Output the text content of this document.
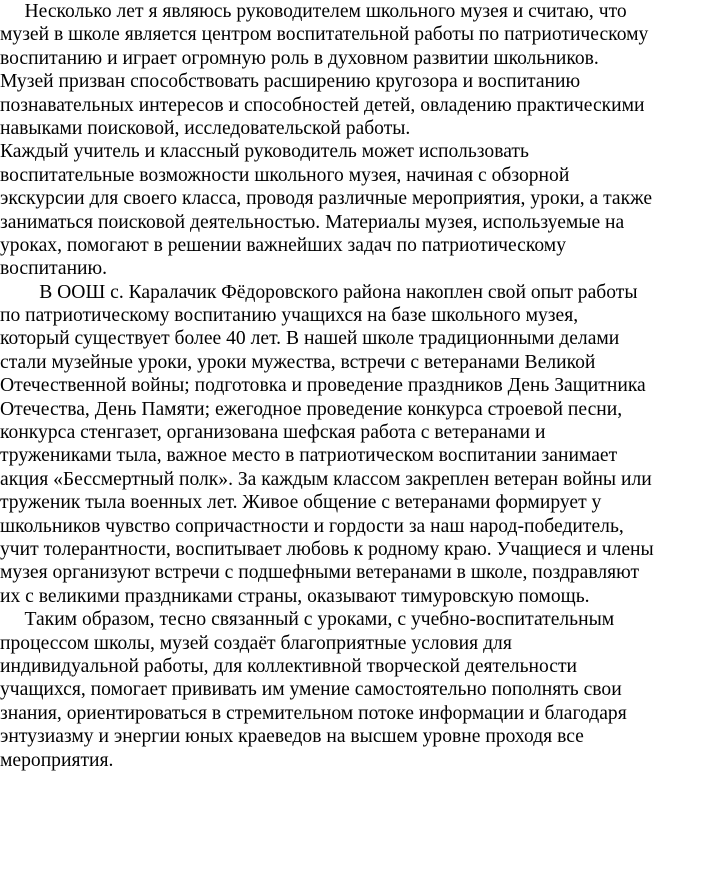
Несколько лет я являюсь руководителем школьного музея и считаю, что
музей в школе является центром воспитательной работы по патриотическому
воспитанию и играет огромную роль в духовном развитии школьников.
Музей призван способствовать расширению кругозора и воспитанию
познавательных интересов и способностей детей, овладению практическими
навыками поисковой, исследовательской работы.
Каждый учитель и классный руководитель может использовать
воспитательные возможности школьного музея, начиная с обзорной
экскурсии для своего класса, проводя различные мероприятия, уроки, а также
заниматься поисковой деятельностью. Материалы музея, используемые на
уроках, помогают в решении важнейших задач по патриотическому
воспитанию.
В ООШ с. Каралачик Фёдоровского района накоплен свой опыт работы
по патриотическому воспитанию учащихся на базе школьного музея,
который существует более 40 лет. В нашей школе традиционными делами
стали музейные уроки, уроки мужества, встречи с ветеранами Великой
Отечественной войны; подготовка и проведение праздников День Защитника
Отечества, День Памяти; ежегодное проведение конкурса строевой песни,
конкурса стенгазет, организована шефская работа с ветеранами и
тружениками тыла, важное место в патриотическом воспитании занимает
акция «Бессмертный полк». За каждым классом закреплен ветеран войны или
труженик тыла военных лет. Живое общение с ветеранами формирует у
школьников чувство сопричастности и гордости за наш народ-победитель,
учит толерантности, воспитывает любовь к родному краю. Учащиеся и члены
музея организуют встречи с подшефными ветеранами в школе, поздравляют
их с великими праздниками страны, оказывают тимуровскую помощь.
Таким образом, тесно связанный с уроками, с учебно-воспитательным
процессом школы, музей создаёт благоприятные условия для
индивидуальной работы, для коллективной творческой деятельности
учащихся, помогает прививать им умение самостоятельно пополнять свои
знания, ориентироваться в стремительном потоке информации и благодаря
энтузиазму и энергии юных краеведов на высшем уровне проходя все
мероприятия.
